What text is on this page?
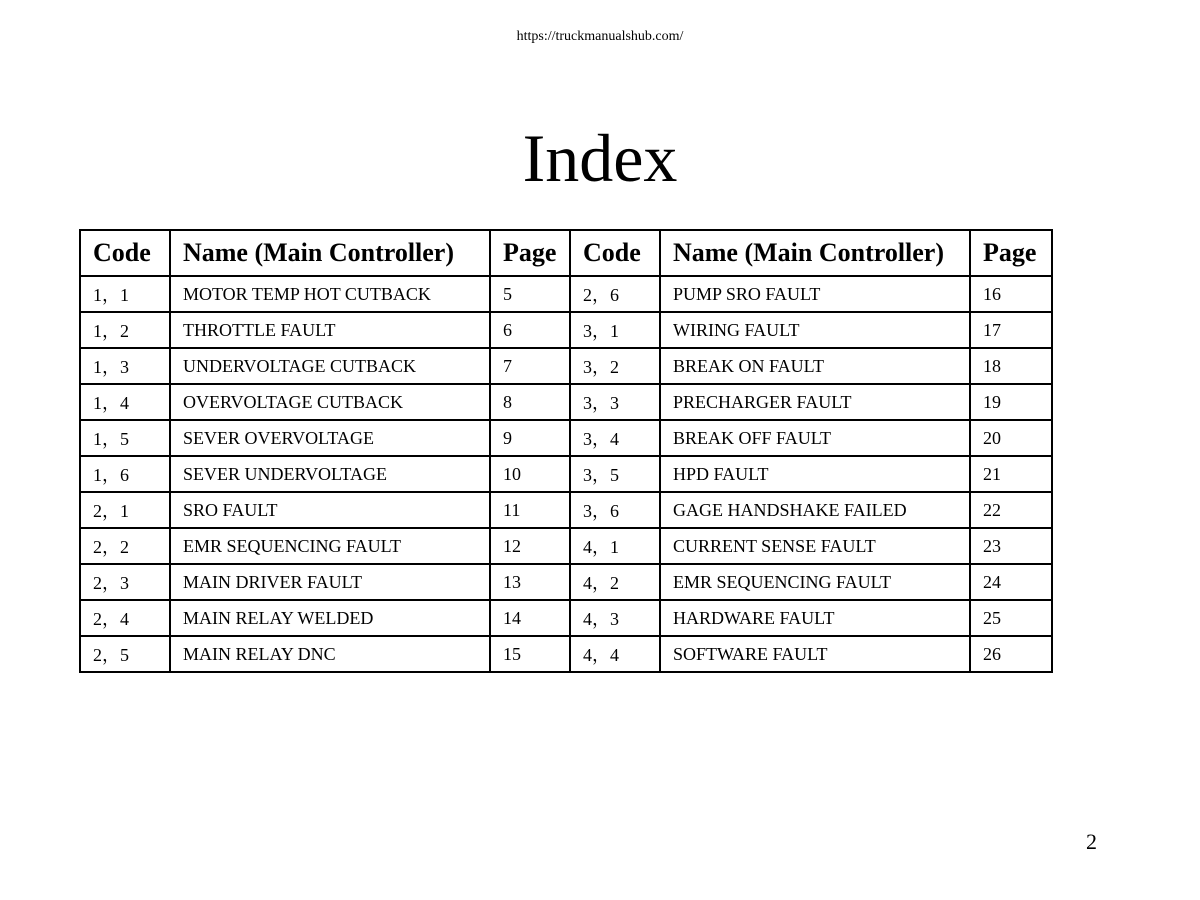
https://truckmanualshub.com/
Index
Code	Name (Main Controller)	Page	Code	Name (Main Controller)	Page
1，1	MOTOR TEMP HOT CUTBACK	5	2，6	PUMP SRO FAULT	16
1，2	THROTTLE FAULT	6	3，1	WIRING FAULT	17
1，3	UNDERVOLTAGE CUTBACK	7	3，2	BREAK ON FAULT	18
1，4	OVERVOLTAGE CUTBACK	8	3，3	PRECHARGER FAULT	19
1，5	SEVER OVERVOLTAGE	9	3，4	BREAK OFF FAULT	20
1，6	SEVER UNDERVOLTAGE	10	3，5	HPD FAULT	21
2，1	SRO FAULT	11	3，6	GAGE HANDSHAKE FAILED	22
2，2	EMR SEQUENCING FAULT	12	4，1	CURRENT SENSE FAULT	23
2，3	MAIN DRIVER FAULT	13	4，2	EMR SEQUENCING FAULT	24
2，4	MAIN RELAY WELDED	14	4，3	HARDWARE FAULT	25
2，5	MAIN RELAY DNC	15	4，4	SOFTWARE FAULT	26
2
